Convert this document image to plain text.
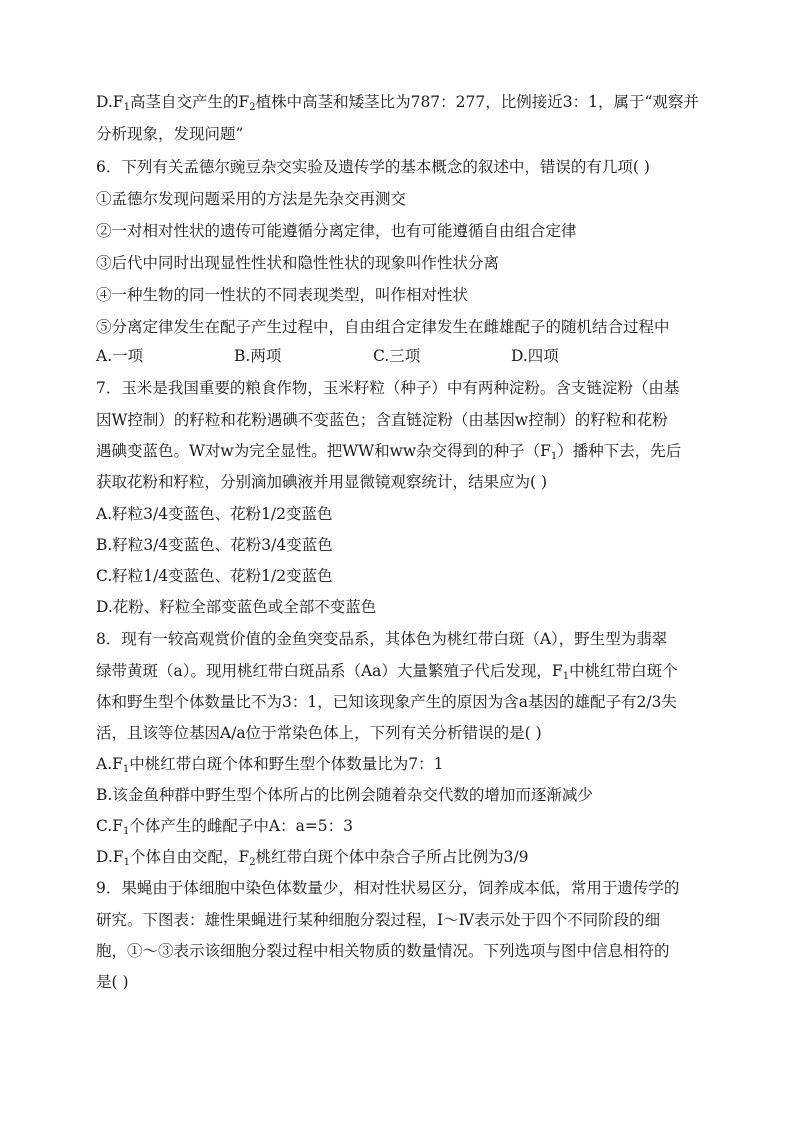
$D.F_1$高茎自交产生的$F_2$植株中高茎和矮茎比为787：277，比例接近3：1，属于“观察并
分析现象，发现问题”
6．下列有关孟德尔豌豆杂交实验及遗传学的基本概念的叙述中，错误的有几项( )
①孟德尔发现问题采用的方法是先杂交再测交
②一对相对性状的遗传可能遵循分离定律，也有可能遵循自由组合定律
③后代中同时出现显性性状和隐性性状的现象叫作性状分离
④一种生物的同一性状的不同表现类型，叫作相对性状
⑤分离定律发生在配子产生过程中，自由组合定律发生在雌雄配子的随机结合过程中
A.一项	B.两项	C.三项	D.四项
7．玉米是我国重要的粮食作物，玉米籽粒（种子）中有两种淀粉。含支链淀粉（由基
因W控制）的籽粒和花粉遇碘不变蓝色；含直链淀粉（由基因w控制）的籽粒和花粉
遇碘变蓝色。W对w为完全显性。把WW和ww杂交得到的种子$(F_1)$播种下去，先后
获取花粉和籽粒，分别滴加碘液并用显微镜观察统计，结果应为( )
A.籽粒3/4变蓝色、花粉1/2变蓝色
B.籽粒3/4变蓝色、花粉3/4变蓝色
C.籽粒1/4变蓝色、花粉1/2变蓝色
D.花粉、籽粒全部变蓝色或全部不变蓝色
8．现有一较高观赏价值的金鱼突变品系，其体色为桃红带白斑（A），野生型为翡翠
绿带黄斑（a）。现用桃红带白斑品系（Aa）大量繁殖子代后发现，$F_1$中桃红带白斑个
体和野生型个体数量比不为3：1，已知该现象产生的原因为含a基因的雄配子有2/3失
活，且该等位基因A/a位于常染色体上，下列有关分析错误的是( )
$A.F_1$中桃红带白斑个体和野生型个体数量比为7：1
B.该金鱼种群中野生型个体所占的比例会随着杂交代数的增加而逐渐减少
$C.F_1$个体产生的雌配子中A：a=5：3
$D.F_1$个体自由交配，$F_2$桃红带白斑个体中杂合子所占比例为3/9
9．果蝇由于体细胞中染色体数量少，相对性状易区分，饲养成本低，常用于遗传学的
研究。下图表：雄性果蝇进行某种细胞分裂过程，Ⅰ～Ⅳ表示处于四个不同阶段的细
胞，①～③表示该细胞分裂过程中相关物质的数量情况。下列选项与图中信息相符的
是( )
